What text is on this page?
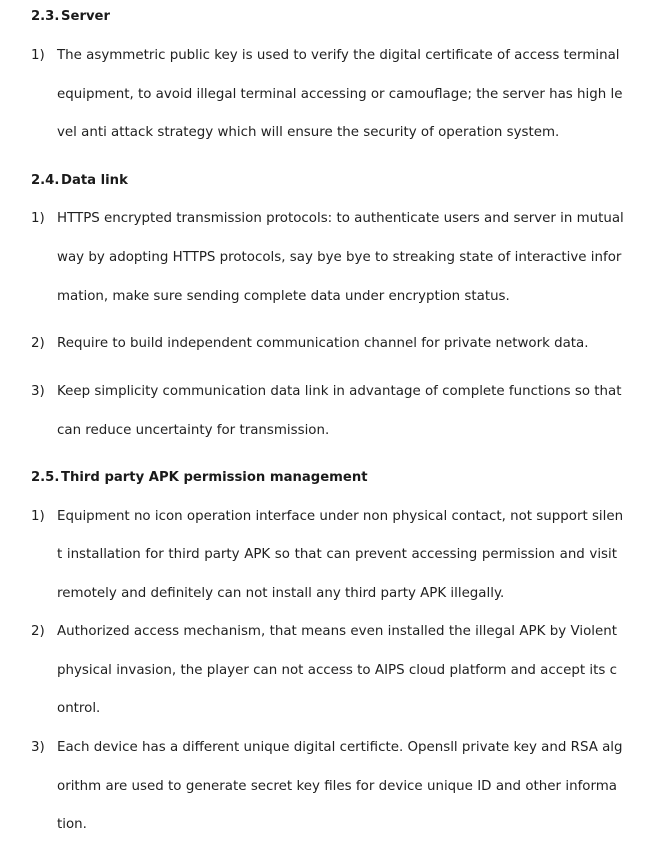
2.3. Server
1) The asymmetric public key is used to verify the digital certificate of access terminal
equipment, to avoid illegal terminal accessing or camouflage; the server has high le
vel anti attack strategy which will ensure the security of operation system.
2.4. Data link
1) HTTPS encrypted transmission protocols: to authenticate users and server in mutual
way by adopting HTTPS protocols, say bye bye to streaking state of interactive infor
mation, make sure sending complete data under encryption status.
2) Require to build independent communication channel for private network data.
3) Keep simplicity communication data link in advantage of complete functions so that
can reduce uncertainty for transmission.
2.5. Third party APK permission management
1) Equipment no icon operation interface under non physical contact, not support silen
t installation for third party APK so that can prevent accessing permission and visit
remotely and definitely can not install any third party APK illegally.
2) Authorized access mechanism, that means even installed the illegal APK by Violent
physical invasion, the player can not access to AIPS cloud platform and accept its c
ontrol.
3) Each device has a different unique digital certificte. Opensll private key and RSA alg
orithm are used to generate secret key files for device unique ID and other informa
tion.
